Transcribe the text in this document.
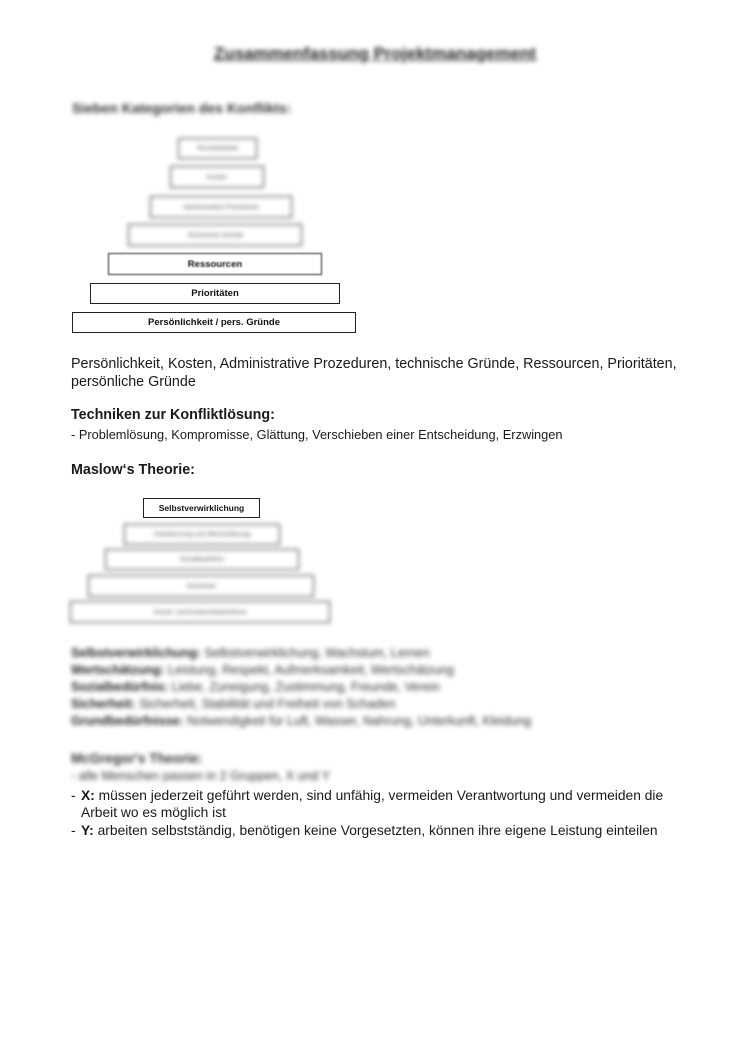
Zusammenfassung Projektmanagement
Sieben Kategorien des Konflikts:
Persönlichkeit
Kosten
Administrative Prozeduren
Technische Gründe
Ressourcen
Prioritäten
Persönlichkeit / pers. Gründe
Persönlichkeit, Kosten, Administrative Prozeduren, technische Gründe, Ressourcen, Prioritäten, persönliche Gründe
Techniken zur Konfliktlösung:
- Problemlösung, Kompromisse, Glättung, Verschieben einer Entscheidung, Erzwingen
Maslow‘s Theorie:
Selbstverwirklichung
Anerkennung und Wertschätzung
Sozialbedürfnis
Sicherheit
Grund- und Existenzbedürfnisse
Selbstverwirklichung: Selbstverwirklichung, Wachstum, Lernen
Wertschätzung: Leistung, Respekt, Aufmerksamkeit, Wertschätzung
Sozialbedürfnis: Liebe, Zuneigung, Zustimmung, Freunde, Verein
Sicherheit: Sicherheit, Stabilität und Freiheit von Schaden
Grundbedürfnisse: Notwendigkeit für Luft, Wasser, Nahrung, Unterkunft, Kleidung
McGregor's Theorie:
- alle Menschen passen in 2 Gruppen, X und Y
- X: müssen jederzeit geführt werden, sind unfähig, vermeiden Verantwortung und vermeiden die Arbeit wo es möglich ist
- Y: arbeiten selbstständig, benötigen keine Vorgesetzten, können ihre eigene Leistung einteilen
